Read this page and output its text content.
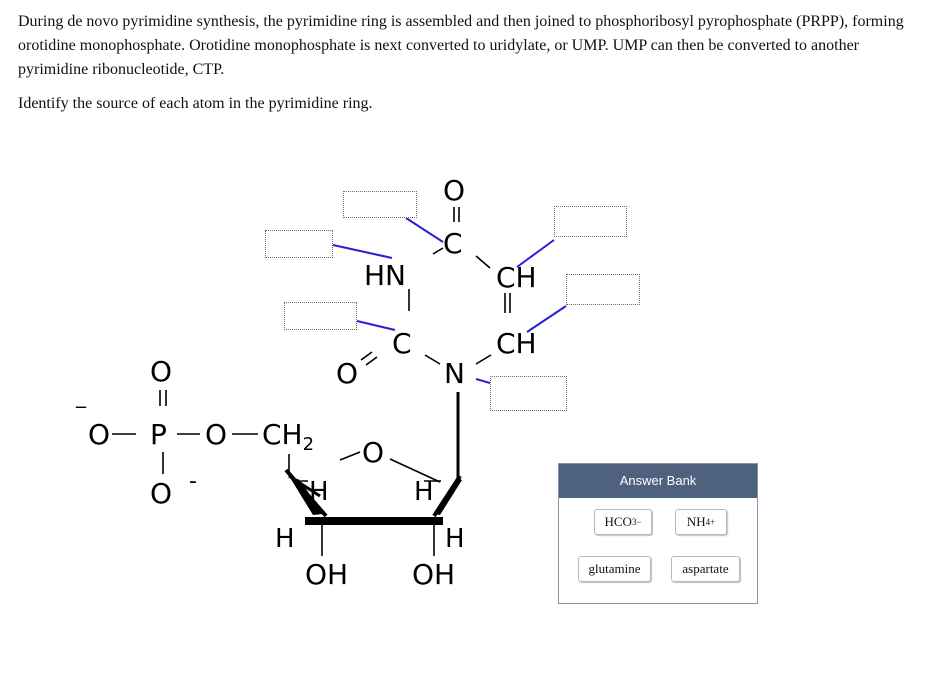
During de novo pyrimidine synthesis, the pyrimidine ring is assembled and then joined to phosphoribosyl pyrophosphate (PRPP), forming orotidine monophosphate. Orotidine monophosphate is next converted to uridylate, or UMP. UMP can then be converted to another pyrimidine ribonucleotide, CTP.

Identify the source of each atom in the pyrimidine ring.

O
C
HN	CH
CH
C
O	N
O
‾
O P O
O -
$CH_2$ O
H	H
H	H
OH OH
Answer Bank
HCO 3 −	NH 4 +
glutamine	aspartate
